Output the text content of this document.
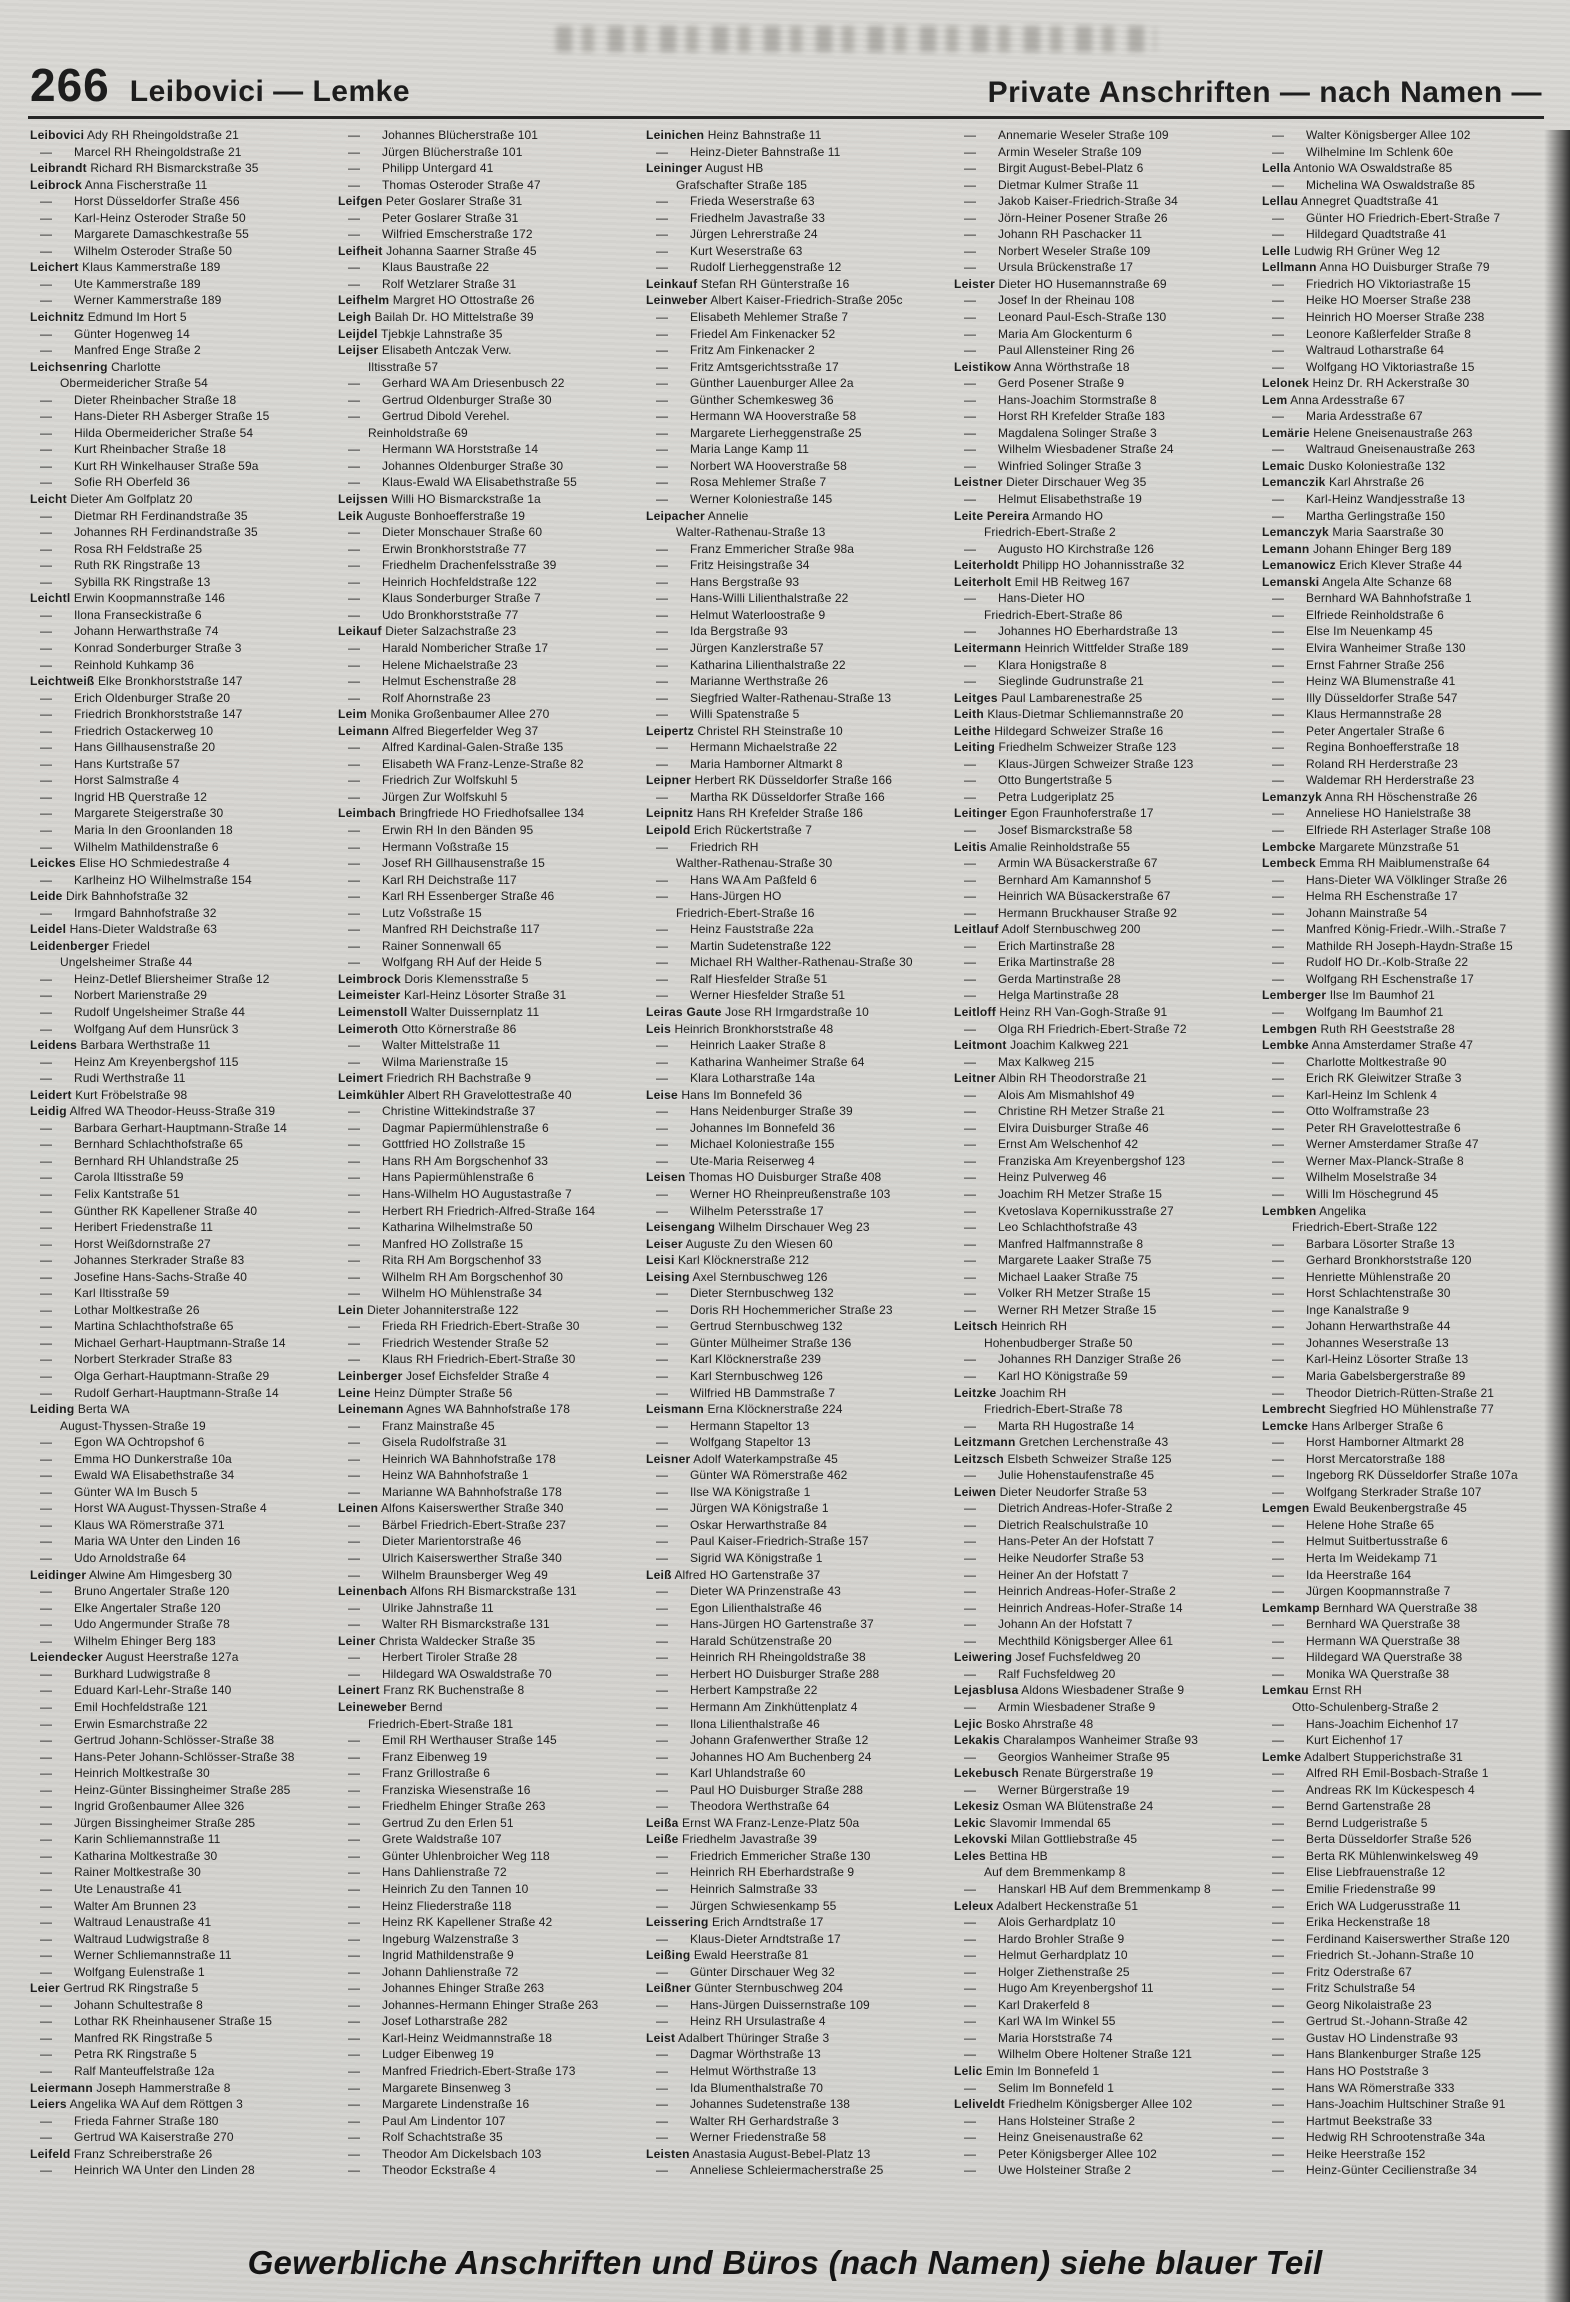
266 Leibovici — Lemke	Private Anschriften — nach Namen —
Leibovici Ady RH Rheingoldstraße 21
— Marcel RH Rheingoldstraße 21
Leibrandt Richard RH Bismarckstraße 35
Leibrock Anna Fischerstraße 11
— Horst Düsseldorfer Straße 456
— Karl-Heinz Osteroder Straße 50
— Margarete Damaschkestraße 55
— Wilhelm Osteroder Straße 50
Leichert Klaus Kammerstraße 189
— Ute Kammerstraße 189
— Werner Kammerstraße 189
Leichnitz Edmund Im Hort 5
— Günter Hogenweg 14
— Manfred Enge Straße 2
Leichsenring Charlotte
Obermeidericher Straße 54
— Dieter Rheinbacher Straße 18
— Hans-Dieter RH Asberger Straße 15
— Hilda Obermeidericher Straße 54
— Kurt Rheinbacher Straße 18
— Kurt RH Winkelhauser Straße 59a
— Sofie RH Oberfeld 36
Leicht Dieter Am Golfplatz 20
— Dietmar RH Ferdinandstraße 35
— Johannes RH Ferdinandstraße 35
— Rosa RH Feldstraße 25
— Ruth RK Ringstraße 13
— Sybilla RK Ringstraße 13
Leichtl Erwin Koopmannstraße 146
— Ilona Franseckistraße 6
— Johann Herwarthstraße 74
— Konrad Sonderburger Straße 3
— Reinhold Kuhkamp 36
Leichtweiß Elke Bronkhorststraße 147
— Erich Oldenburger Straße 20
— Friedrich Bronkhorststraße 147
— Friedrich Ostackerweg 10
— Hans Gillhausenstraße 20
— Hans Kurtstraße 57
— Horst Salmstraße 4
— Ingrid HB Querstraße 12
— Margarete Steigerstraße 30
— Maria In den Groonlanden 18
— Wilhelm Mathildenstraße 6
Leickes Elise HO Schmiedestraße 4
— Karlheinz HO Wilhelmstraße 154
Leide Dirk Bahnhofstraße 32
— Irmgard Bahnhofstraße 32
Leidel Hans-Dieter Waldstraße 63
Leidenberger Friedel
Ungelsheimer Straße 44
— Heinz-Detlef Bliersheimer Straße 12
— Norbert Marienstraße 29
— Rudolf Ungelsheimer Straße 44
— Wolfgang Auf dem Hunsrück 3
Leidens Barbara Werthstraße 11
— Heinz Am Kreyenbergshof 115
— Rudi Werthstraße 11
Leidert Kurt Fröbelstraße 98
Leidig Alfred WA Theodor-Heuss-Straße 319
— Barbara Gerhart-Hauptmann-Straße 14
— Bernhard Schlachthofstraße 65
— Bernhard RH Uhlandstraße 25
— Carola Iltisstraße 59
— Felix Kantstraße 51
— Günther RK Kapellener Straße 40
— Heribert Friedenstraße 11
— Horst Weißdornstraße 27
— Johannes Sterkrader Straße 83
— Josefine Hans-Sachs-Straße 40
— Karl Iltisstraße 59
— Lothar Moltkestraße 26
— Martina Schlachthofstraße 65
— Michael Gerhart-Hauptmann-Straße 14
— Norbert Sterkrader Straße 83
— Olga Gerhart-Hauptmann-Straße 29
— Rudolf Gerhart-Hauptmann-Straße 14
Leiding Berta WA
August-Thyssen-Straße 19
— Egon WA Ochtropshof 6
— Emma HO Dunkerstraße 10a
— Ewald WA Elisabethstraße 34
— Günter WA Im Busch 5
— Horst WA August-Thyssen-Straße 4
— Klaus WA Römerstraße 371
— Maria WA Unter den Linden 16
— Udo Arnoldstraße 64
Leidinger Alwine Am Himgesberg 30
— Bruno Angertaler Straße 120
— Elke Angertaler Straße 120
— Udo Angermunder Straße 78
— Wilhelm Ehinger Berg 183
Leiendecker August Heerstraße 127a
— Burkhard Ludwigstraße 8
— Eduard Karl-Lehr-Straße 140
— Emil Hochfeldstraße 121
— Erwin Esmarchstraße 22
— Gertrud Johann-Schlösser-Straße 38
— Hans-Peter Johann-Schlösser-Straße 38
— Heinrich Moltkestraße 30
— Heinz-Günter Bissingheimer Straße 285
— Ingrid Großenbaumer Allee 326
— Jürgen Bissingheimer Straße 285
— Karin Schliemannstraße 11
— Katharina Moltkestraße 30
— Rainer Moltkestraße 30
— Ute Lenaustraße 41
— Walter Am Brunnen 23
— Waltraud Lenaustraße 41
— Waltraud Ludwigstraße 8
— Werner Schliemannstraße 11
— Wolfgang Eulenstraße 1
Leier Gertrud RK Ringstraße 5
— Johann Schultestraße 8
— Lothar RK Rheinhausener Straße 15
— Manfred RK Ringstraße 5
— Petra RK Ringstraße 5
— Ralf Manteuffelstraße 12a
Leiermann Joseph Hammerstraße 8
Leiers Angelika WA Auf dem Röttgen 3
— Frieda Fahrner Straße 180
— Gertrud WA Kaiserstraße 270
Leifeld Franz Schreiberstraße 26
— Heinrich WA Unter den Linden 28
— Johannes Blücherstraße 101
— Jürgen Blücherstraße 101
— Philipp Untergard 41
— Thomas Osteroder Straße 47
Leifgen Peter Goslarer Straße 31
— Peter Goslarer Straße 31
— Wilfried Emscherstraße 172
Leifheit Johanna Saarner Straße 45
— Klaus Baustraße 22
— Rolf Wetzlarer Straße 31
Leifhelm Margret HO Ottostraße 26
Leigh Bailah Dr. HO Mittelstraße 39
Leijdel Tjebkje Lahnstraße 35
Leijser Elisabeth Antczak Verw.
Iltisstraße 57
— Gerhard WA Am Driesenbusch 22
— Gertrud Oldenburger Straße 30
— Gertrud Dibold Verehel.
Reinholdstraße 69
— Hermann WA Horststraße 14
— Johannes Oldenburger Straße 30
— Klaus-Ewald WA Elisabethstraße 55
Leijssen Willi HO Bismarckstraße 1a
Leik Auguste Bonhoefferstraße 19
— Dieter Monschauer Straße 60
— Erwin Bronkhorststraße 77
— Friedhelm Drachenfelsstraße 39
— Heinrich Hochfeldstraße 122
— Klaus Sonderburger Straße 7
— Udo Bronkhorststraße 77
Leikauf Dieter Salzachstraße 23
— Harald Nombericher Straße 17
— Helene Michaelstraße 23
— Helmut Eschenstraße 28
— Rolf Ahornstraße 23
Leim Monika Großenbaumer Allee 270
Leimann Alfred Biegerfelder Weg 37
— Alfred Kardinal-Galen-Straße 135
— Elisabeth WA Franz-Lenze-Straße 82
— Friedrich Zur Wolfskuhl 5
— Jürgen Zur Wolfskuhl 5
Leimbach Bringfriede HO Friedhofsallee 134
— Erwin RH In den Bänden 95
— Hermann Voßstraße 15
— Josef RH Gillhausenstraße 15
— Karl RH Deichstraße 117
— Karl RH Essenberger Straße 46
— Lutz Voßstraße 15
— Manfred RH Deichstraße 117
— Rainer Sonnenwall 65
— Wolfgang RH Auf der Heide 5
Leimbrock Doris Klemensstraße 5
Leimeister Karl-Heinz Lösorter Straße 31
Leimenstoll Walter Duissernplatz 11
Leimeroth Otto Körnerstraße 86
— Walter Mittelstraße 11
— Wilma Marienstraße 15
Leimert Friedrich RH Bachstraße 9
Leimkühler Albert RH Gravelottestraße 40
— Christine Wittekindstraße 37
— Dagmar Papiermühlenstraße 6
— Gottfried HO Zollstraße 15
— Hans RH Am Borgschenhof 33
— Hans Papiermühlenstraße 6
— Hans-Wilhelm HO Augustastraße 7
— Herbert RH Friedrich-Alfred-Straße 164
— Katharina Wilhelmstraße 50
— Manfred HO Zollstraße 15
— Rita RH Am Borgschenhof 33
— Wilhelm RH Am Borgschenhof 30
— Wilhelm HO Mühlenstraße 34
Lein Dieter Johanniterstraße 122
— Frieda RH Friedrich-Ebert-Straße 30
— Friedrich Westender Straße 52
— Klaus RH Friedrich-Ebert-Straße 30
Leinberger Josef Eichsfelder Straße 4
Leine Heinz Dümpter Straße 56
Leinemann Agnes WA Bahnhofstraße 178
— Franz Mainstraße 45
— Gisela Rudolfstraße 31
— Heinrich WA Bahnhofstraße 178
— Heinz WA Bahnhofstraße 1
— Marianne WA Bahnhofstraße 178
Leinen Alfons Kaiserswerther Straße 340
— Bärbel Friedrich-Ebert-Straße 237
— Dieter Marientorstraße 46
— Ulrich Kaiserswerther Straße 340
— Wilhelm Braunsberger Weg 49
Leinenbach Alfons RH Bismarckstraße 131
— Ulrike Jahnstraße 11
— Walter RH Bismarckstraße 131
Leiner Christa Waldecker Straße 35
— Herbert Tiroler Straße 28
— Hildegard WA Oswaldstraße 70
Leinert Franz RK Buchenstraße 8
Leineweber Bernd
Friedrich-Ebert-Straße 181
— Emil RH Werthauser Straße 145
— Franz Eibenweg 19
— Franz Grillostraße 6
— Franziska Wiesenstraße 16
— Friedhelm Ehinger Straße 263
— Gertrud Zu den Erlen 51
— Grete Waldstraße 107
— Günter Uhlenbroicher Weg 118
— Hans Dahlienstraße 72
— Heinrich Zu den Tannen 10
— Heinz Fliederstraße 118
— Heinz RK Kapellener Straße 42
— Ingeburg Walzenstraße 3
— Ingrid Mathildenstraße 9
— Johann Dahlienstraße 72
— Johannes Ehinger Straße 263
— Johannes-Hermann Ehinger Straße 263
— Josef Lotharstraße 282
— Karl-Heinz Weidmannstraße 18
— Ludger Eibenweg 19
— Manfred Friedrich-Ebert-Straße 173
— Margarete Binsenweg 3
— Margarete Lindenstraße 16
— Paul Am Lindentor 107
— Rolf Schachtstraße 35
— Theodor Am Dickelsbach 103
— Theodor Eckstraße 4
Leinichen Heinz Bahnstraße 11
— Heinz-Dieter Bahnstraße 11
Leininger August HB
Grafschafter Straße 185
— Frieda Weserstraße 63
— Friedhelm Javastraße 33
— Jürgen Lehrerstraße 24
— Kurt Weserstraße 63
— Rudolf Lierheggenstraße 12
Leinkauf Stefan RH Günterstraße 16
Leinweber Albert Kaiser-Friedrich-Straße 205c
— Elisabeth Mehlemer Straße 7
— Friedel Am Finkenacker 52
— Fritz Am Finkenacker 2
— Fritz Amtsgerichtsstraße 17
— Günther Lauenburger Allee 2a
— Günther Schemkesweg 36
— Hermann WA Hooverstraße 58
— Margarete Lierheggenstraße 25
— Maria Lange Kamp 11
— Norbert WA Hooverstraße 58
— Rosa Mehlemer Straße 7
— Werner Koloniestraße 145
Leipacher Annelie
Walter-Rathenau-Straße 13
— Franz Emmericher Straße 98a
— Fritz Heisingstraße 34
— Hans Bergstraße 93
— Hans-Willi Lilienthalstraße 22
— Helmut Waterloostraße 9
— Ida Bergstraße 93
— Jürgen Kanzlerstraße 57
— Katharina Lilienthalstraße 22
— Marianne Werthstraße 26
— Siegfried Walter-Rathenau-Straße 13
— Willi Spatenstraße 5
Leipertz Christel RH Steinstraße 10
— Hermann Michaelstraße 22
— Maria Hamborner Altmarkt 8
Leipner Herbert RK Düsseldorfer Straße 166
— Martha RK Düsseldorfer Straße 166
Leipnitz Hans RH Krefelder Straße 186
Leipold Erich Rückertstraße 7
— Friedrich RH
Walther-Rathenau-Straße 30
— Hans WA Am Paßfeld 6
— Hans-Jürgen HO
Friedrich-Ebert-Straße 16
— Heinz Fauststraße 22a
— Martin Sudetenstraße 122
— Michael RH Walther-Rathenau-Straße 30
— Ralf Hiesfelder Straße 51
— Werner Hiesfelder Straße 51
Leiras Gaute Jose RH Irmgardstraße 10
Leis Heinrich Bronkhorststraße 48
— Heinrich Laaker Straße 8
— Katharina Wanheimer Straße 64
— Klara Lotharstraße 14a
Leise Hans Im Bonnefeld 36
— Hans Neidenburger Straße 39
— Johannes Im Bonnefeld 36
— Michael Koloniestraße 155
— Ute-Maria Reiserweg 4
Leisen Thomas HO Duisburger Straße 408
— Werner HO Rheinpreußenstraße 103
— Wilhelm Petersstraße 17
Leisengang Wilhelm Dirschauer Weg 23
Leiser Auguste Zu den Wiesen 60
Leisi Karl Klöcknerstraße 212
Leising Axel Sternbuschweg 126
— Dieter Sternbuschweg 132
— Doris RH Hochemmericher Straße 23
— Gertrud Sternbuschweg 132
— Günter Mülheimer Straße 136
— Karl Klöcknerstraße 239
— Karl Sternbuschweg 126
— Wilfried HB Dammstraße 7
Leismann Erna Klöcknerstraße 224
— Hermann Stapeltor 13
— Wolfgang Stapeltor 13
Leisner Adolf Waterkampstraße 45
— Günter WA Römerstraße 462
— Ilse WA Königstraße 1
— Jürgen WA Königstraße 1
— Oskar Herwarthstraße 84
— Paul Kaiser-Friedrich-Straße 157
— Sigrid WA Königstraße 1
Leiß Alfred HO Gartenstraße 37
— Dieter WA Prinzenstraße 43
— Egon Lilienthalstraße 46
— Hans-Jürgen HO Gartenstraße 37
— Harald Schützenstraße 20
— Heinrich RH Rheingoldstraße 38
— Herbert HO Duisburger Straße 288
— Herbert Kampstraße 22
— Hermann Am Zinkhüttenplatz 4
— Ilona Lilienthalstraße 46
— Johann Grafenwerther Straße 12
— Johannes HO Am Buchenberg 24
— Karl Uhlandstraße 60
— Paul HO Duisburger Straße 288
— Theodora Werthstraße 64
Leißa Ernst WA Franz-Lenze-Platz 50a
Leiße Friedhelm Javastraße 39
— Friedrich Emmericher Straße 130
— Heinrich RH Eberhardstraße 9
— Heinrich Salmstraße 33
— Jürgen Schwiesenkamp 55
Leissering Erich Arndtstraße 17
— Klaus-Dieter Arndtstraße 17
Leißing Ewald Heerstraße 81
— Günter Dirschauer Weg 32
Leißner Günter Sternbuschweg 204
— Hans-Jürgen Duissernstraße 109
— Heinz RH Ursulastraße 4
Leist Adalbert Thüringer Straße 3
— Dagmar Wörthstraße 13
— Helmut Wörthstraße 13
— Ida Blumenthalstraße 70
— Johannes Sudetenstraße 138
— Walter RH Gerhardstraße 3
— Werner Friedenstraße 58
Leisten Anastasia August-Bebel-Platz 13
— Anneliese Schleiermacherstraße 25
— Annemarie Weseler Straße 109
— Armin Weseler Straße 109
— Birgit August-Bebel-Platz 6
— Dietmar Kulmer Straße 11
— Jakob Kaiser-Friedrich-Straße 34
— Jörn-Heiner Posener Straße 26
— Johann RH Paschacker 11
— Norbert Weseler Straße 109
— Ursula Brückenstraße 17
Leister Dieter HO Husemannstraße 69
— Josef In der Rheinau 108
— Leonard Paul-Esch-Straße 130
— Maria Am Glockenturm 6
— Paul Allensteiner Ring 26
Leistikow Anna Wörthstraße 18
— Gerd Posener Straße 9
— Hans-Joachim Stormstraße 8
— Horst RH Krefelder Straße 183
— Magdalena Solinger Straße 3
— Wilhelm Wiesbadener Straße 24
— Winfried Solinger Straße 3
Leistner Dieter Dirschauer Weg 35
— Helmut Elisabethstraße 19
Leite Pereira Armando HO
Friedrich-Ebert-Straße 2
— Augusto HO Kirchstraße 126
Leiterholdt Philipp HO Johannisstraße 32
Leiterholt Emil HB Reitweg 167
— Hans-Dieter HO
Friedrich-Ebert-Straße 86
— Johannes HO Eberhardstraße 13
Leitermann Heinrich Wittfelder Straße 189
— Klara Honigstraße 8
— Sieglinde Gudrunstraße 21
Leitges Paul Lambarenestraße 25
Leith Klaus-Dietmar Schliemannstraße 20
Leithe Hildegard Schweizer Straße 16
Leiting Friedhelm Schweizer Straße 123
— Klaus-Jürgen Schweizer Straße 123
— Otto Bungertstraße 5
— Petra Ludgeriplatz 25
Leitinger Egon Fraunhoferstraße 17
— Josef Bismarckstraße 58
Leitis Amalie Reinholdstraße 55
— Armin WA Büsackerstraße 67
— Bernhard Am Kamannshof 5
— Heinrich WA Büsackerstraße 67
— Hermann Bruckhauser Straße 92
Leitlauf Adolf Sternbuschweg 200
— Erich Martinstraße 28
— Erika Martinstraße 28
— Gerda Martinstraße 28
— Helga Martinstraße 28
Leitloff Heinz RH Van-Gogh-Straße 91
— Olga RH Friedrich-Ebert-Straße 72
Leitmont Joachim Kalkweg 221
— Max Kalkweg 215
Leitner Albin RH Theodorstraße 21
— Alois Am Mismahlshof 49
— Christine RH Metzer Straße 21
— Elvira Duisburger Straße 46
— Ernst Am Welschenhof 42
— Franziska Am Kreyenbergshof 123
— Heinz Pulverweg 46
— Joachim RH Metzer Straße 15
— Kvetoslava Kopernikusstraße 27
— Leo Schlachthofstraße 43
— Manfred Halfmannstraße 8
— Margarete Laaker Straße 75
— Michael Laaker Straße 75
— Volker RH Metzer Straße 15
— Werner RH Metzer Straße 15
Leitsch Heinrich RH
Hohenbudberger Straße 50
— Johannes RH Danziger Straße 26
— Karl HO Königstraße 59
Leitzke Joachim RH
Friedrich-Ebert-Straße 78
— Marta RH Hugostraße 14
Leitzmann Gretchen Lerchenstraße 43
Leitzsch Elsbeth Schweizer Straße 125
— Julie Hohenstaufenstraße 45
Leiwen Dieter Neudorfer Straße 53
— Dietrich Andreas-Hofer-Straße 2
— Dietrich Realschulstraße 10
— Hans-Peter An der Hofstatt 7
— Heike Neudorfer Straße 53
— Heiner An der Hofstatt 7
— Heinrich Andreas-Hofer-Straße 2
— Heinrich Andreas-Hofer-Straße 14
— Johann An der Hofstatt 7
— Mechthild Königsberger Allee 61
Leiwering Josef Fuchsfeldweg 20
— Ralf Fuchsfeldweg 20
Lejasblusa Aldons Wiesbadener Straße 9
— Armin Wiesbadener Straße 9
Lejic Bosko Ahrstraße 48
Lekakis Charalampos Wanheimer Straße 93
— Georgios Wanheimer Straße 95
Lekebusch Renate Bürgerstraße 19
— Werner Bürgerstraße 19
Lekesiz Osman WA Blütenstraße 24
Lekic Slavomir Immendal 65
Lekovski Milan Gottliebstraße 45
Leles Bettina HB
Auf dem Bremmenkamp 8
— Hanskarl HB Auf dem Bremmenkamp 8
Leleux Adalbert Heckenstraße 51
— Alois Gerhardplatz 10
— Hardo Brohler Straße 9
— Helmut Gerhardplatz 10
— Holger Ziethenstraße 25
— Hugo Am Kreyenbergshof 11
— Karl Drakerfeld 8
— Karl WA Im Winkel 55
— Maria Horststraße 74
— Wilhelm Obere Holtener Straße 121
Lelic Emin Im Bonnefeld 1
— Selim Im Bonnefeld 1
Leliveldt Friedhelm Königsberger Allee 102
— Hans Holsteiner Straße 2
— Heinz Gneisenaustraße 62
— Peter Königsberger Allee 102
— Uwe Holsteiner Straße 2
— Walter Königsberger Allee 102
— Wilhelmine Im Schlenk 60e
Lella Antonio WA Oswaldstraße 85
— Michelina WA Oswaldstraße 85
Lellau Annegret Quadtstraße 41
— Günter HO Friedrich-Ebert-Straße 7
— Hildegard Quadtstraße 41
Lelle Ludwig RH Grüner Weg 12
Lellmann Anna HO Duisburger Straße 79
— Friedrich HO Viktoriastraße 15
— Heike HO Moerser Straße 238
— Heinrich HO Moerser Straße 238
— Leonore Kaßlerfelder Straße 8
— Waltraud Lotharstraße 64
— Wolfgang HO Viktoriastraße 15
Lelonek Heinz Dr. RH Ackerstraße 30
Lem Anna Ardesstraße 67
— Maria Ardesstraße 67
Lemärie Helene Gneisenaustraße 263
— Waltraud Gneisenaustraße 263
Lemaic Dusko Koloniestraße 132
Lemanczik Karl Ahrstraße 26
— Karl-Heinz Wandjesstraße 13
— Martha Gerlingstraße 150
Lemanczyk Maria Saarstraße 30
Lemann Johann Ehinger Berg 189
Lemanowicz Erich Klever Straße 44
Lemanski Angela Alte Schanze 68
— Bernhard WA Bahnhofstraße 1
— Elfriede Reinholdstraße 6
— Else Im Neuenkamp 45
— Elvira Wanheimer Straße 130
— Ernst Fahrner Straße 256
— Heinz WA Blumenstraße 41
— Illy Düsseldorfer Straße 547
— Klaus Hermannstraße 28
— Peter Angertaler Straße 6
— Regina Bonhoefferstraße 18
— Roland RH Herderstraße 23
— Waldemar RH Herderstraße 23
Lemanzyk Anna RH Höschenstraße 26
— Anneliese HO Hanielstraße 38
— Elfriede RH Asterlager Straße 108
Lembcke Margarete Münzstraße 51
Lembeck Emma RH Maiblumenstraße 64
— Hans-Dieter WA Völklinger Straße 26
— Helma RH Eschenstraße 17
— Johann Mainstraße 54
— Manfred König-Friedr.-Wilh.-Straße 7
— Mathilde RH Joseph-Haydn-Straße 15
— Rudolf HO Dr.-Kolb-Straße 22
— Wolfgang RH Eschenstraße 17
Lemberger Ilse Im Baumhof 21
— Wolfgang Im Baumhof 21
Lembgen Ruth RH Geeststraße 28
Lembke Anna Amsterdamer Straße 47
— Charlotte Moltkestraße 90
— Erich RK Gleiwitzer Straße 3
— Karl-Heinz Im Schlenk 4
— Otto Wolframstraße 23
— Peter RH Gravelottestraße 6
— Werner Amsterdamer Straße 47
— Werner Max-Planck-Straße 8
— Wilhelm Moselstraße 34
— Willi Im Höschegrund 45
Lembken Angelika
Friedrich-Ebert-Straße 122
— Barbara Lösorter Straße 13
— Gerhard Bronkhorststraße 120
— Henriette Mühlenstraße 20
— Horst Schlachtenstraße 30
— Inge Kanalstraße 9
— Johann Herwarthstraße 44
— Johannes Weserstraße 13
— Karl-Heinz Lösorter Straße 13
— Maria Gabelsbergerstraße 89
— Theodor Dietrich-Rütten-Straße 21
Lembrecht Siegfried HO Mühlenstraße 77
Lemcke Hans Arlberger Straße 6
— Horst Hamborner Altmarkt 28
— Horst Mercatorstraße 188
— Ingeborg RK Düsseldorfer Straße 107a
— Wolfgang Sterkrader Straße 107
Lemgen Ewald Beukenbergstraße 45
— Helene Hohe Straße 65
— Helmut Suitbertusstraße 6
— Herta Im Weidekamp 71
— Ida Heerstraße 164
— Jürgen Koopmannstraße 7
Lemkamp Bernhard WA Querstraße 38
— Bernhard WA Querstraße 38
— Hermann WA Querstraße 38
— Hildegard WA Querstraße 38
— Monika WA Querstraße 38
Lemkau Ernst RH
Otto-Schulenberg-Straße 2
— Hans-Joachim Eichenhof 17
— Kurt Eichenhof 17
Lemke Adalbert Stupperichstraße 31
— Alfred RH Emil-Bosbach-Straße 1
— Andreas RK Im Kückespesch 4
— Bernd Gartenstraße 28
— Bernd Ludgeristraße 5
— Berta Düsseldorfer Straße 526
— Berta RK Mühlenwinkelsweg 49
— Elise Liebfrauenstraße 12
— Emilie Friedenstraße 99
— Erich WA Ludgerusstraße 11
— Erika Heckenstraße 18
— Ferdinand Kaiserswerther Straße 120
— Friedrich St.-Johann-Straße 10
— Fritz Oderstraße 67
— Fritz Schulstraße 54
— Georg Nikolaistraße 23
— Gertrud St.-Johann-Straße 42
— Gustav HO Lindenstraße 93
— Hans Blankenburger Straße 125
— Hans HO Poststraße 3
— Hans WA Römerstraße 333
— Hans-Joachim Hultschiner Straße 91
— Hartmut Beekstraße 33
— Hedwig RH Schrootenstraße 34a
— Heike Heerstraße 152
— Heinz-Günter Cecilienstraße 34
Gewerbliche Anschriften und Büros (nach Namen) siehe blauer Teil
